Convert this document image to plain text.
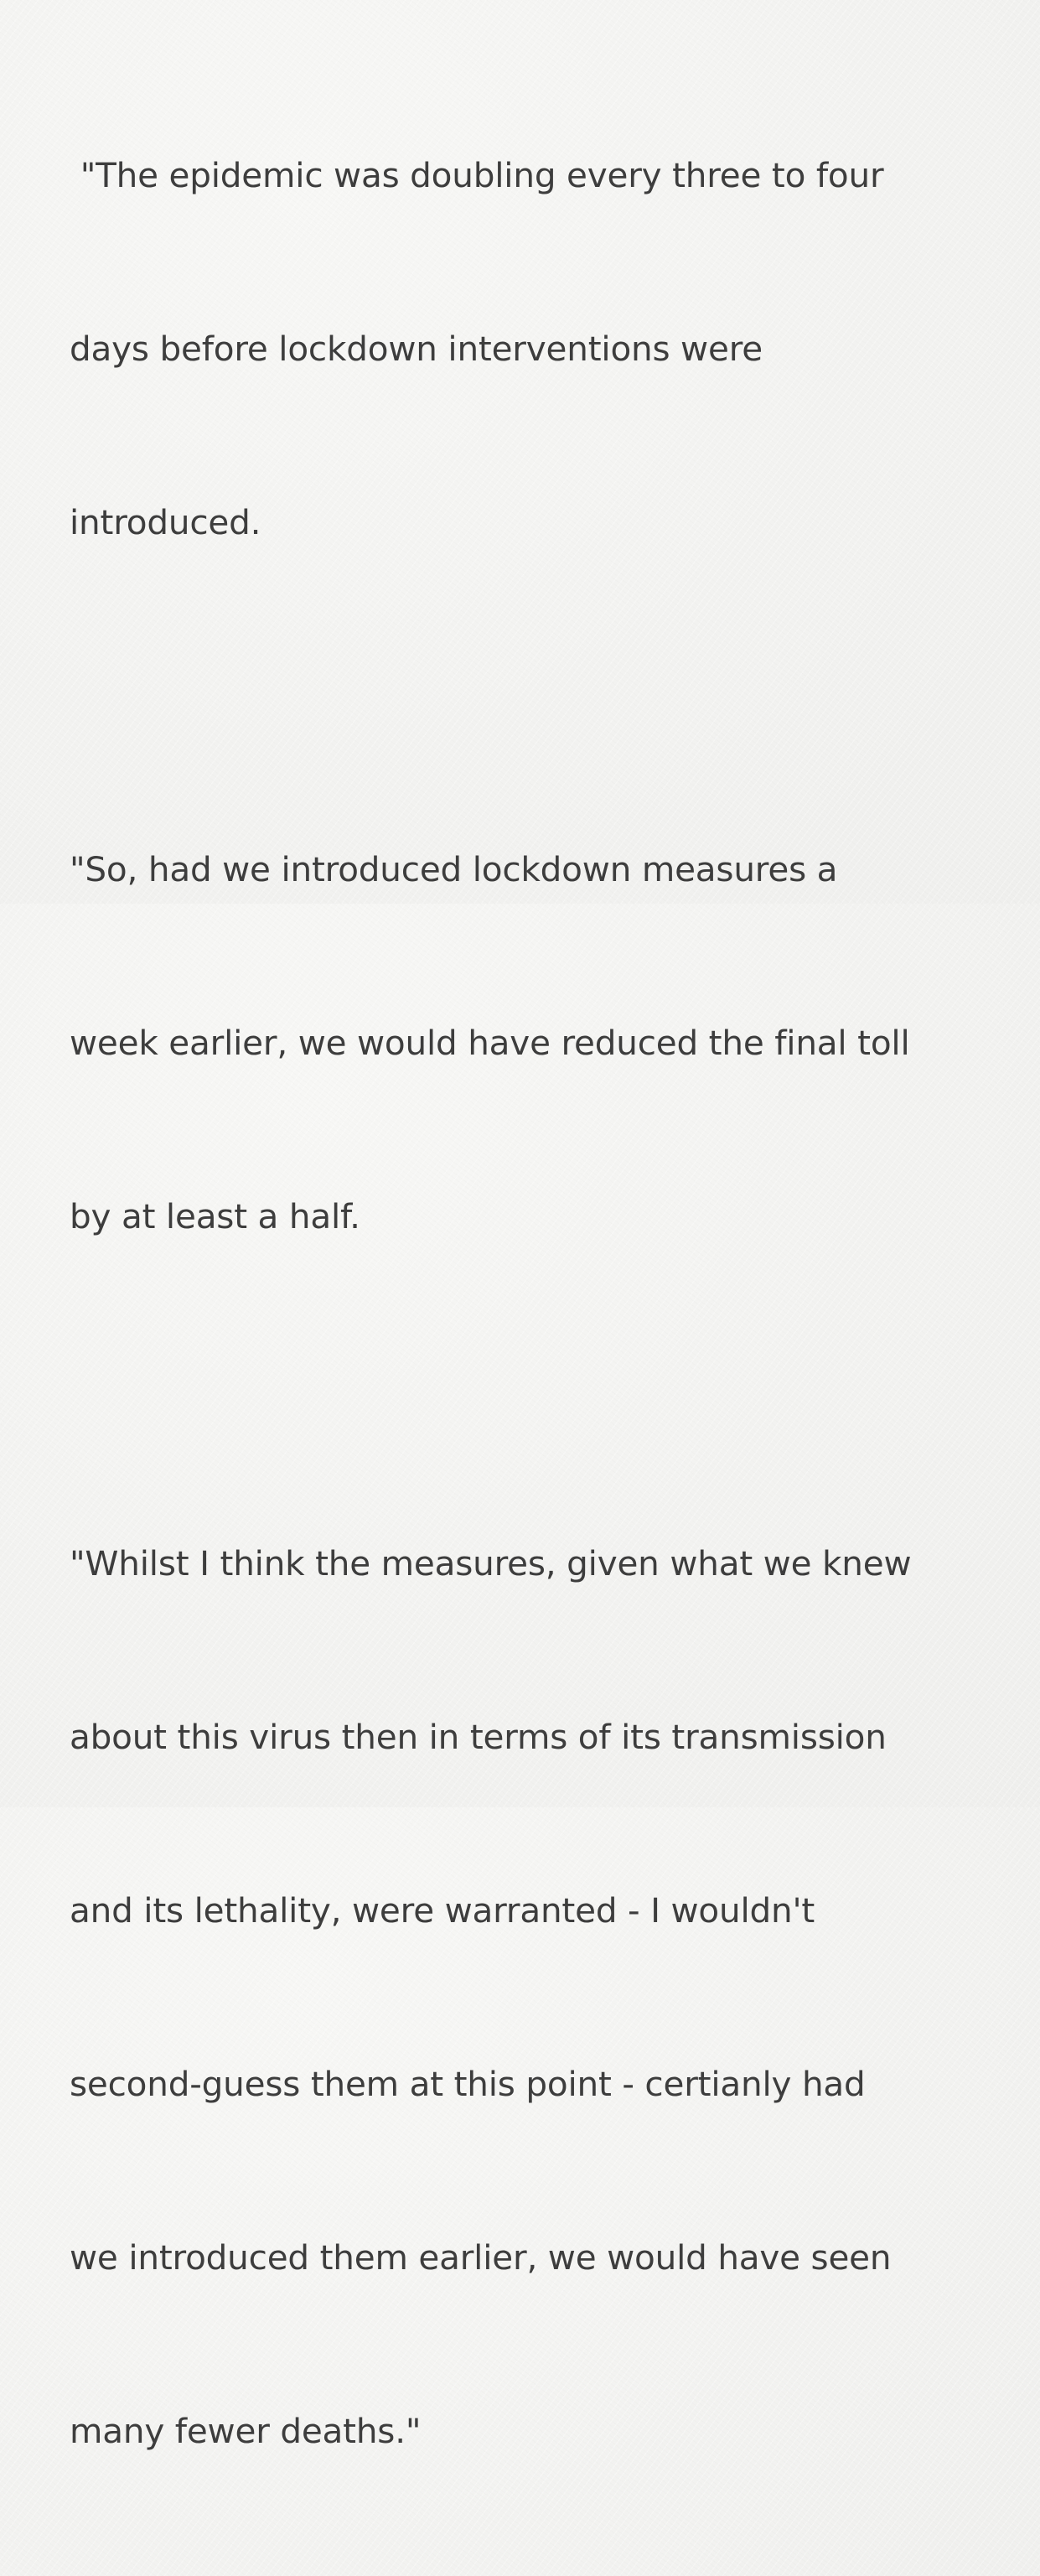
"The epidemic was doubling every three to four

days before lockdown interventions were

introduced.

"So, had we introduced lockdown measures a

week earlier, we would have reduced the final toll

by at least a half.

"Whilst I think the measures, given what we knew

about this virus then in terms of its transmission

and its lethality, were warranted - I wouldn't

second-guess them at this point - certianly had

we introduced them earlier, we would have seen

many fewer deaths."
